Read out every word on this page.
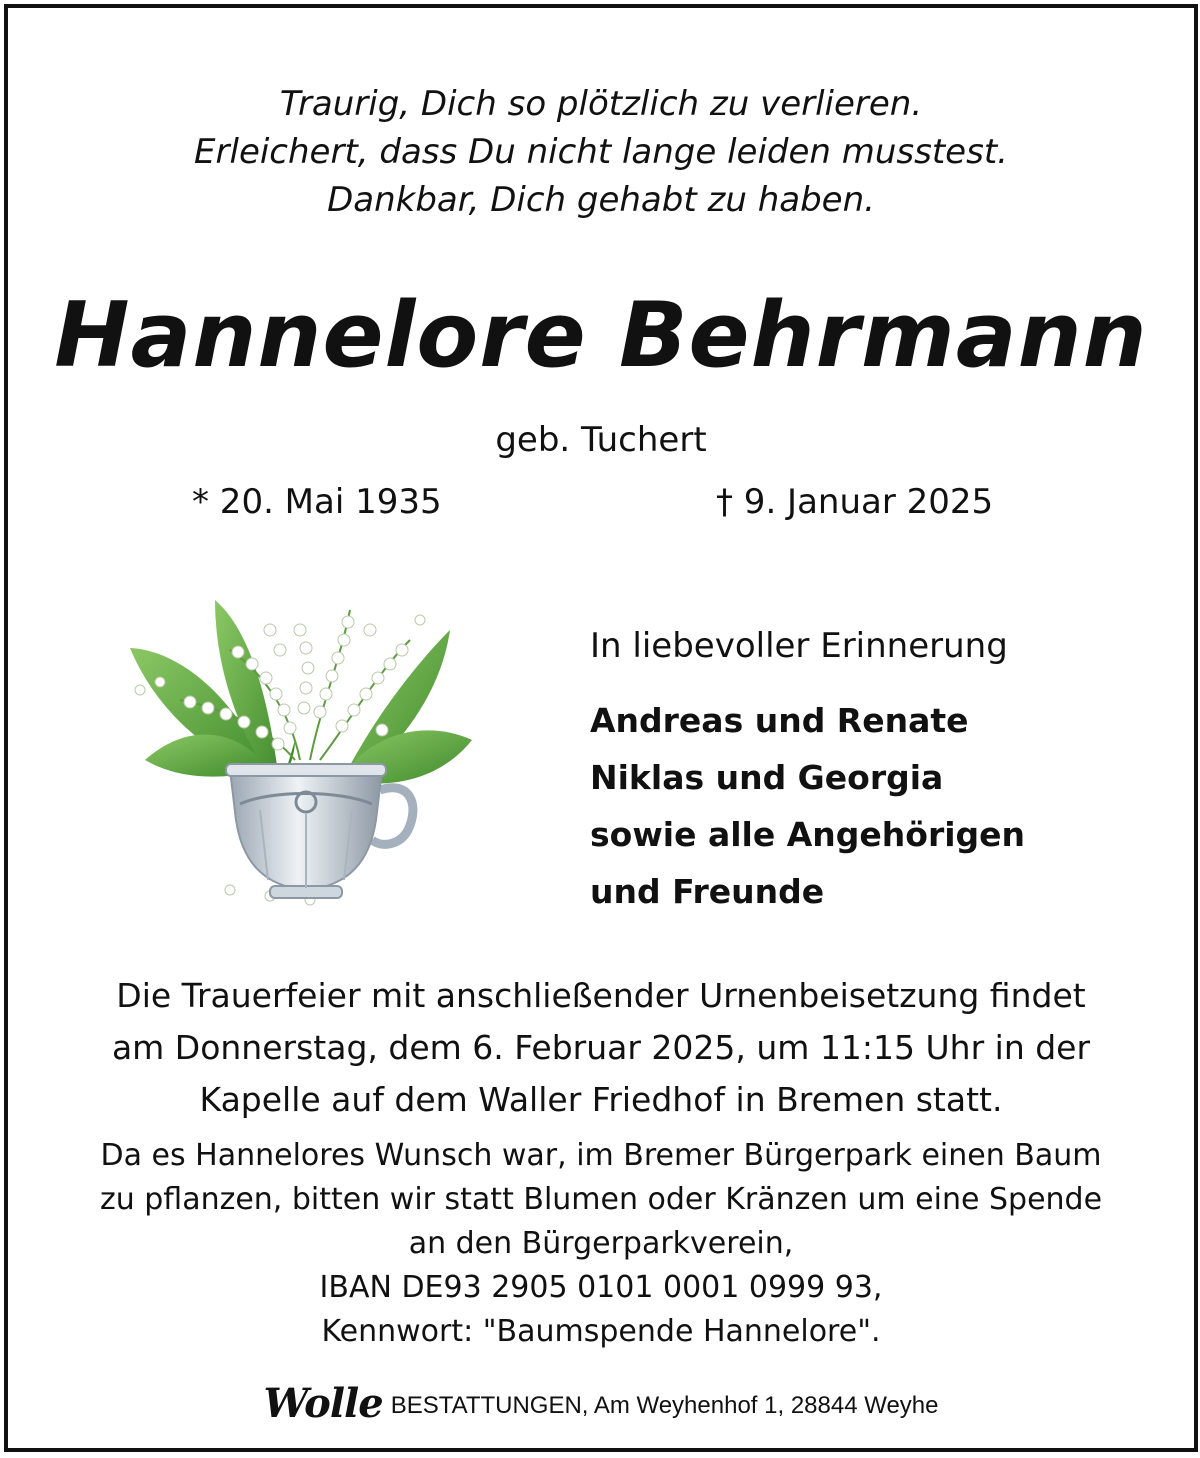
Traurig, Dich so plötzlich zu verlieren.
Erleichert, dass Du nicht lange leiden musstest.
Dankbar, Dich gehabt zu haben.
Hannelore Behrmann
geb. Tuchert
* 20. Mai 1935	† 9. Januar 2025
In liebevoller Erinnerung
Andreas und Renate
Niklas und Georgia
sowie alle Angehörigen
und Freunde
Die Trauerfeier mit anschließender Urnenbeisetzung findet
am Donnerstag, dem 6. Februar 2025, um 11:15 Uhr in der
Kapelle auf dem Waller Friedhof in Bremen statt.
Da es Hannelores Wunsch war, im Bremer Bürgerpark einen Baum
zu pflanzen, bitten wir statt Blumen oder Kränzen um eine Spende
an den Bürgerparkverein,
IBAN DE93 2905 0101 0001 0999 93,
Kennwort: "Baumspende Hannelore".
Wolle BESTATTUNGEN, Am Weyhenhof 1, 28844 Weyhe
